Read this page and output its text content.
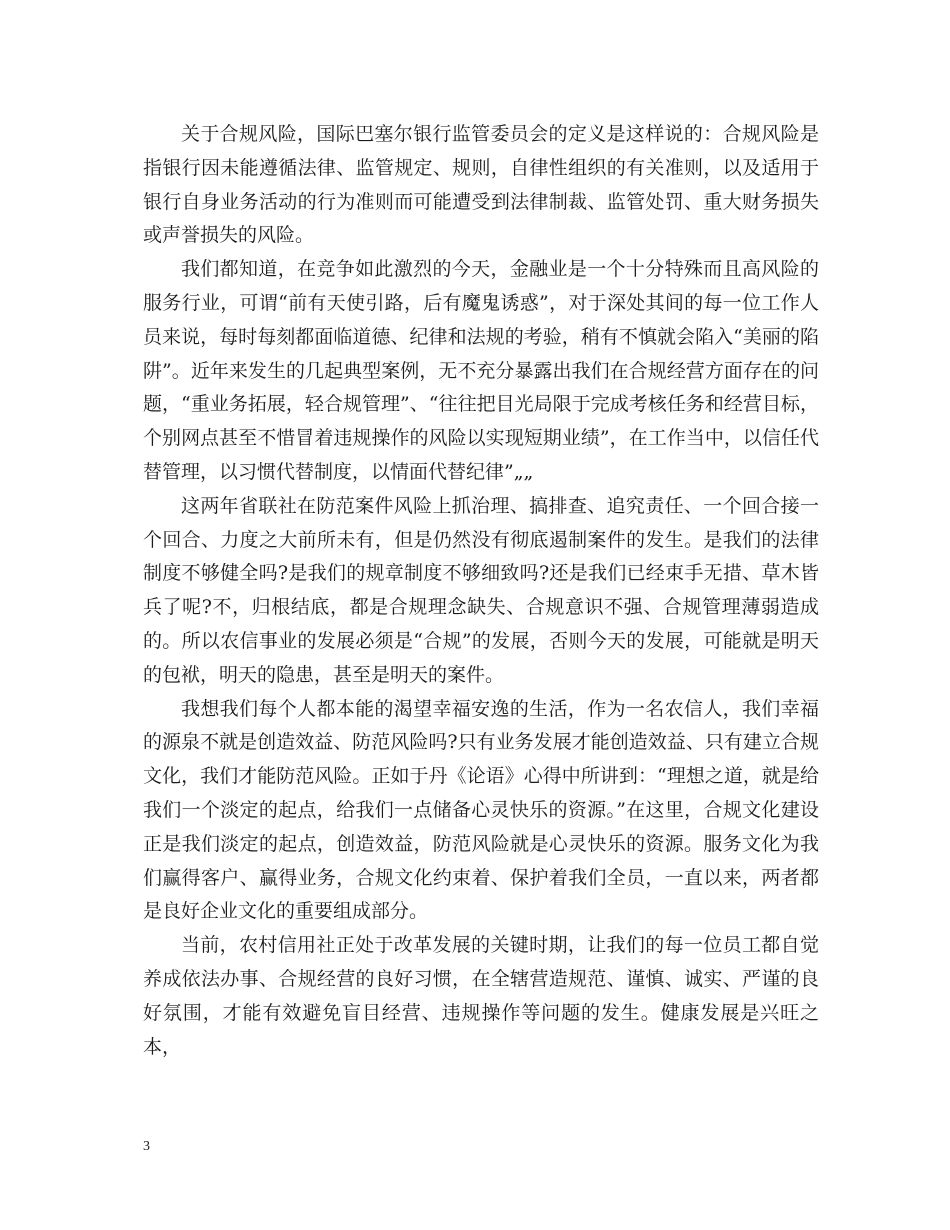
关于合规风险，国际巴塞尔银行监管委员会的定义是这样说的：合规风险是指银行因未能遵循法律、监管规定、规则，自律性组织的有关准则，以及适用于银行自身业务活动的行为准则而可能遭受到法律制裁、监管处罚、重大财务损失或声誉损失的风险。

我们都知道，在竞争如此激烈的今天，金融业是一个十分特殊而且高风险的服务行业，可谓“前有天使引路，后有魔鬼诱惑”，对于深处其间的每一位工作人员来说，每时每刻都面临道德、纪律和法规的考验，稍有不慎就会陷入“美丽的陷阱”。近年来发生的几起典型案例，无不充分暴露出我们在合规经营方面存在的问题，“重业务拓展，轻合规管理”、“往往把目光局限于完成考核任务和经营目标，个别网点甚至不惜冒着违规操作的风险以实现短期业绩”，在工作当中，以信任代替管理，以习惯代替制度，以情面代替纪律”„„

这两年省联社在防范案件风险上抓治理、搞排查、追究责任、一个回合接一个回合、力度之大前所未有，但是仍然没有彻底遏制案件的发生。是我们的法律制度不够健全吗?是我们的规章制度不够细致吗?还是我们已经束手无措、草木皆兵了呢?不，归根结底，都是合规理念缺失、合规意识不强、合规管理薄弱造成的。所以农信事业的发展必须是“合规”的发展，否则今天的发展，可能就是明天的包袱，明天的隐患，甚至是明天的案件。

我想我们每个人都本能的渴望幸福安逸的生活，作为一名农信人，我们幸福的源泉不就是创造效益、防范风险吗?只有业务发展才能创造效益、只有建立合规文化，我们才能防范风险。正如于丹《论语》心得中所讲到：“理想之道，就是给我们一个淡定的起点，给我们一点储备心灵快乐的资源。”在这里，合规文化建设正是我们淡定的起点，创造效益，防范风险就是心灵快乐的资源。服务文化为我们赢得客户、赢得业务，合规文化约束着、保护着我们全员，一直以来，两者都是良好企业文化的重要组成部分。

当前，农村信用社正处于改革发展的关键时期，让我们的每一位员工都自觉养成依法办事、合规经营的良好习惯，在全辖营造规范、谨慎、诚实、严谨的良好氛围，才能有效避免盲目经营、违规操作等问题的发生。健康发展是兴旺之本，

3
